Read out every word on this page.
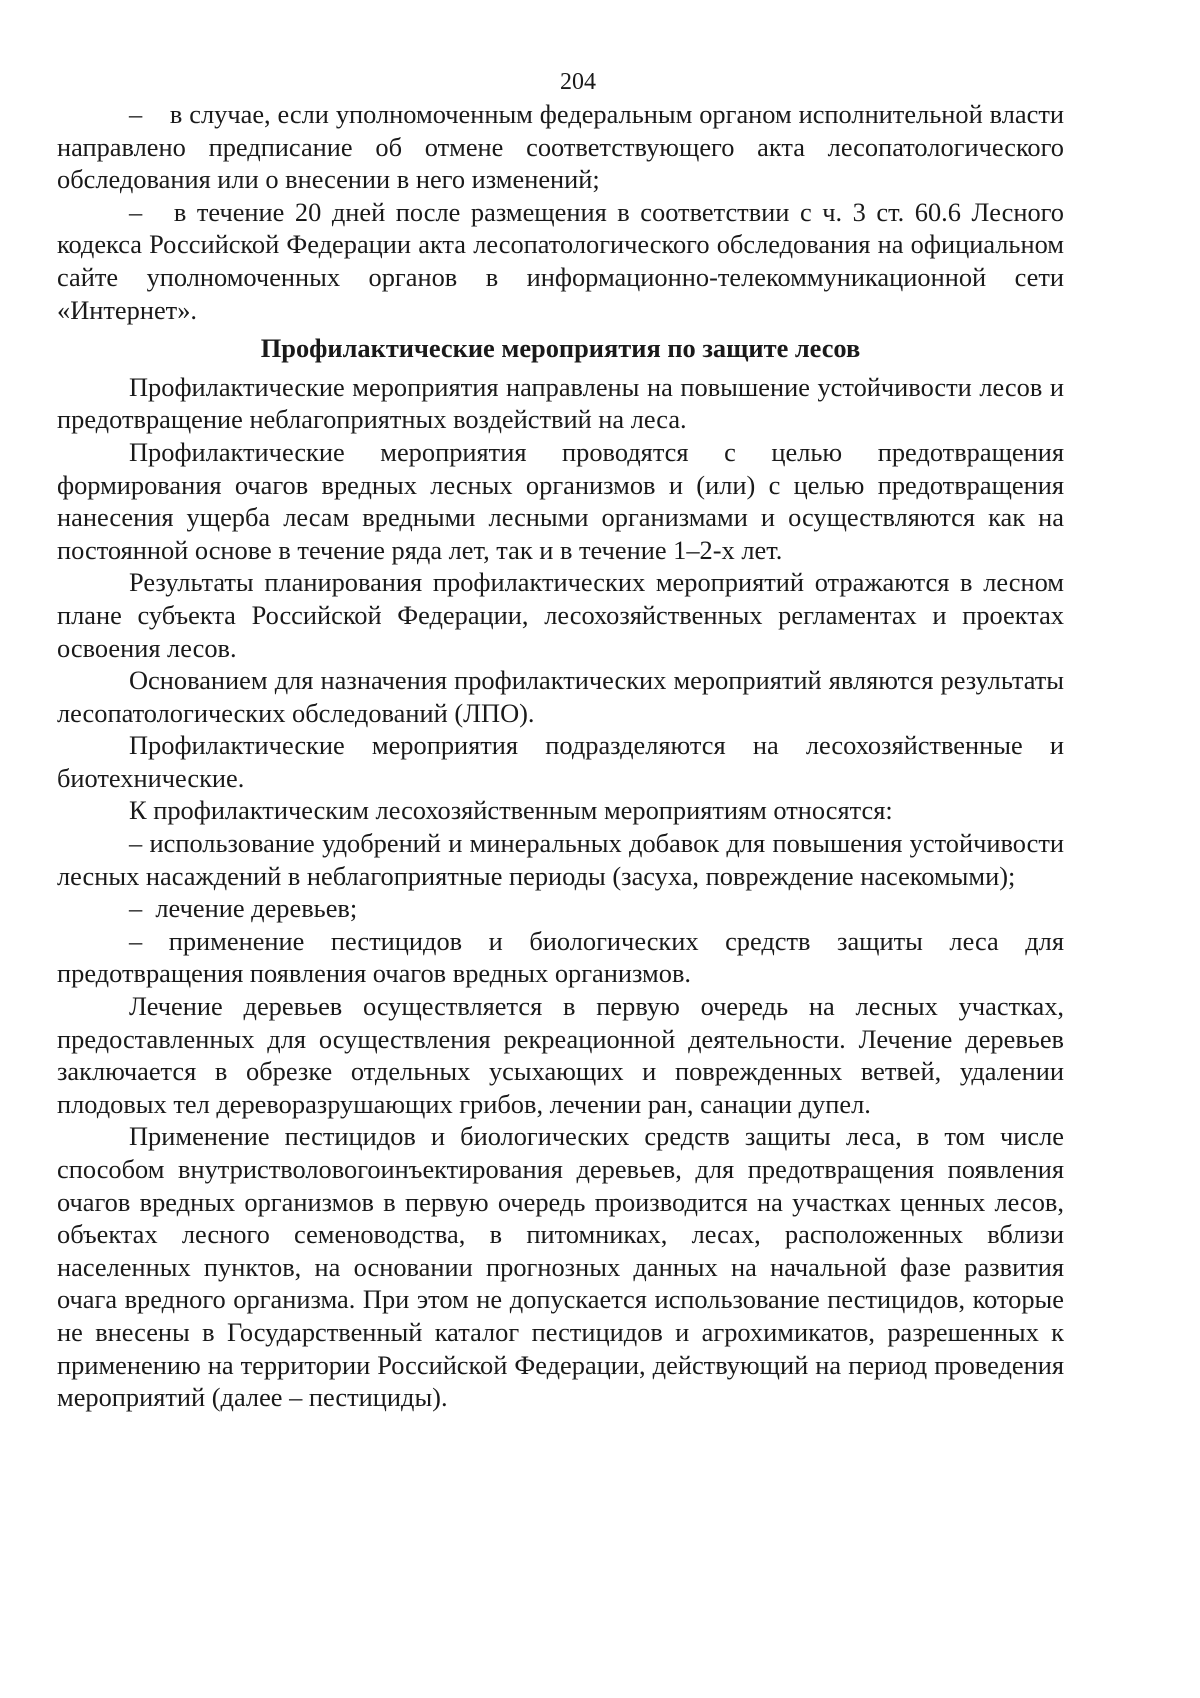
204

–    в случае, если уполномоченным федеральным органом исполнительной власти направлено предписание об отмене соответствующего акта лесопатологического обследования или о внесении в него изменений;

–   в течение 20 дней после размещения в соответствии с ч. 3 ст. 60.6 Лесного кодекса Российской Федерации акта лесопатологического обследования на официальном сайте уполномоченных органов в информационно-телекоммуникационной сети «Интернет».

Профилактические мероприятия по защите лесов

Профилактические мероприятия направлены на повышение устойчивости лесов и предотвращение неблагоприятных воздействий на леса.

Профилактические мероприятия проводятся с целью предотвращения формирования очагов вредных лесных организмов и (или) с целью предотвращения нанесения ущерба лесам вредными лесными организмами и осуществляются как на постоянной основе в течение ряда лет, так и в течение 1–2-х лет.

Результаты планирования профилактических мероприятий отражаются в лесном плане субъекта Российской Федерации, лесохозяйственных регламентах и проектах освоения лесов.

Основанием для назначения профилактических мероприятий являются результаты лесопатологических обследований (ЛПО).

Профилактические мероприятия подразделяются на лесохозяйственные и биотехнические.

К профилактическим лесохозяйственным мероприятиям относятся:

– использование удобрений и минеральных добавок для повышения устойчивости лесных насаждений в неблагоприятные периоды (засуха, повреждение насекомыми);

–  лечение деревьев;

– применение пестицидов и биологических средств защиты леса для предотвращения появления очагов вредных организмов.

Лечение деревьев осуществляется в первую очередь на лесных участках, предоставленных для осуществления рекреационной деятельности. Лечение деревьев заключается в обрезке отдельных усыхающих и поврежденных ветвей, удалении плодовых тел дереворазрушающих грибов, лечении ран, санации дупел.

Применение пестицидов и биологических средств защиты леса, в том числе способом внутристволовогоинъектирования деревьев, для предотвращения появления очагов вредных организмов в первую очередь производится на участках ценных лесов, объектах лесного семеноводства, в питомниках, лесах, расположенных вблизи населенных пунктов, на основании прогнозных данных на начальной фазе развития очага вредного организма. При этом не допускается использование пестицидов, которые не внесены в Государственный каталог пестицидов и агрохимикатов, разрешенных к применению на территории Российской Федерации, действующий на период проведения мероприятий (далее – пестициды).
